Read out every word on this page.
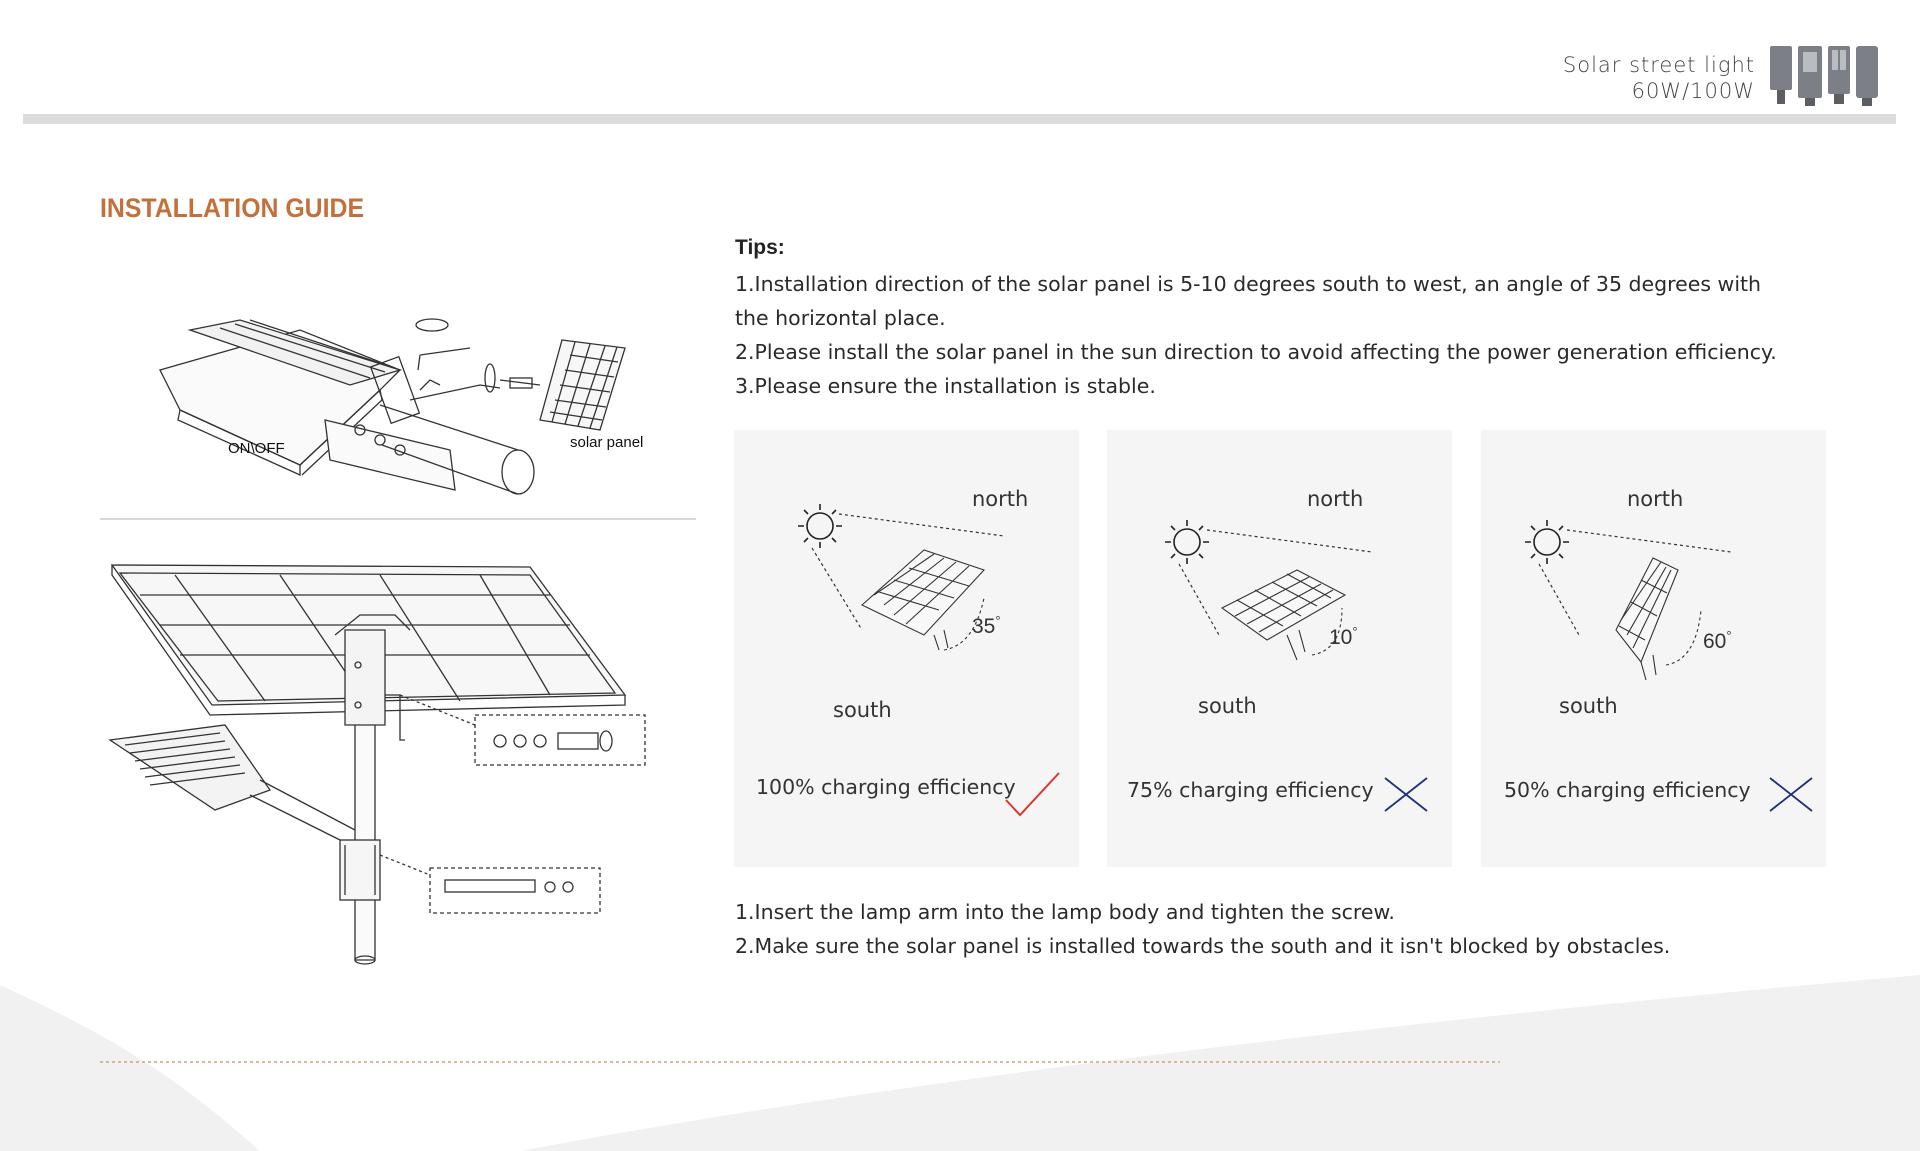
Solar street light
60W/100W
INSTALLATION GUIDE
ON\OFF	solar panel
Tips:
1.Installation direction of the solar panel is 5-10 degrees south to west, an angle of 35 degrees with
the horizontal place.
2.Please install the solar panel in the sun direction to avoid affecting the power generation efficiency.
3.Please ensure the installation is stable.
north
35°
south
100% charging efficiency
north
10°
south
75% charging efficiency
north
60°
south
50% charging efficiency
1.Insert the lamp arm into the lamp body and tighten the screw.
2.Make sure the solar panel is installed towards the south and it isn't blocked by obstacles.
